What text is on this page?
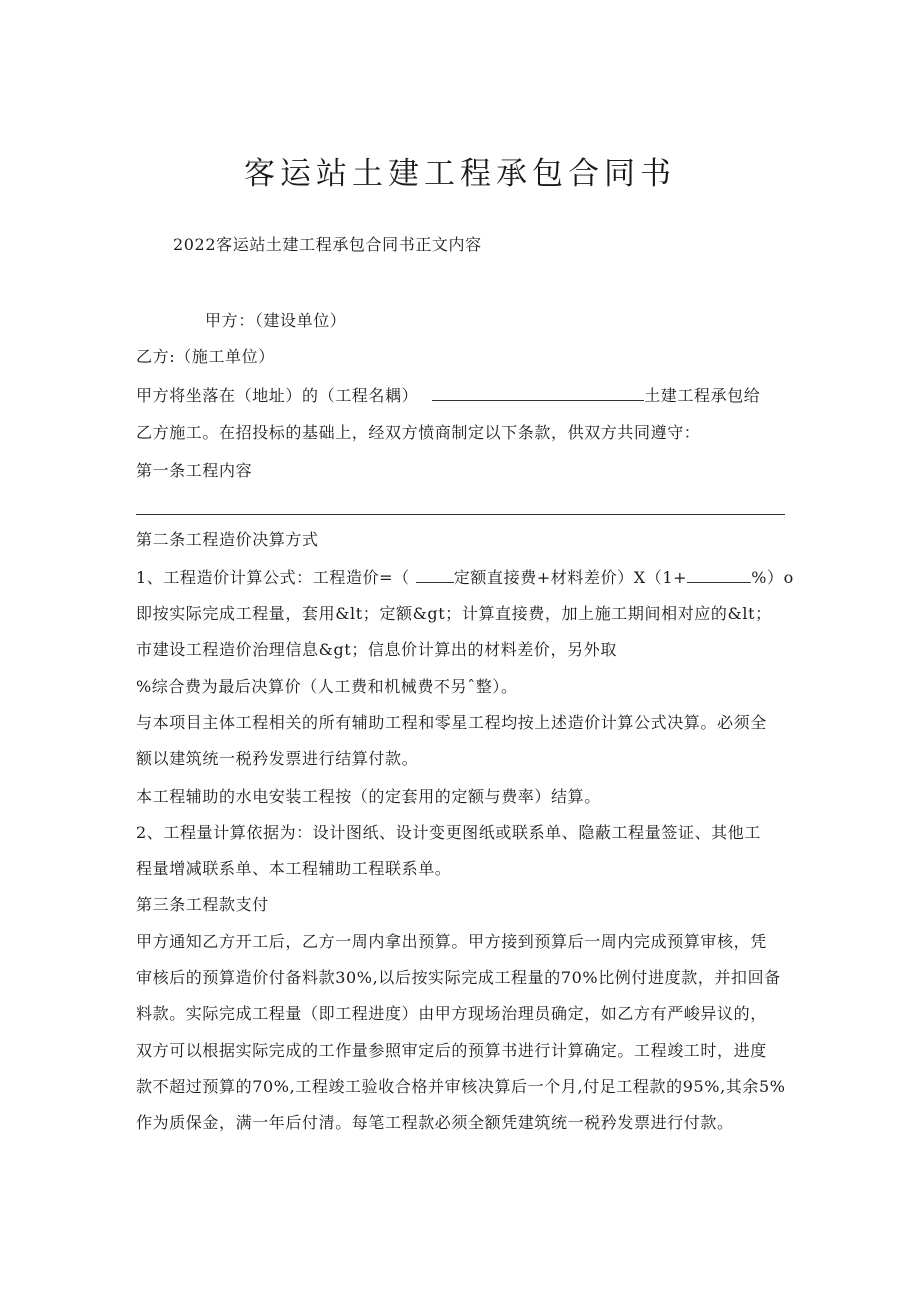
客运站土建工程承包合同书
2022客运站土建工程承包合同书正文内容
甲方：（建设单位）
乙方:（施工单位）
甲方将坐落在（地址）的（工程名耦）	土建工程承包给
乙方施工。在招投标的基础上，经双方愤商制定以下条款，供双方共同遵守：
第一条工程内容
第二条工程造价决算方式
1、工程造价计算公式：工程造价=（	定额直接费+材料差价）X（1+	%）o
即按实际完成工程量，套用&lt；定额&gt；计算直接费，加上施工期间相对应的&lt；
市建设工程造价治理信息&gt；信息价计算出的材料差价，另外取
%综合费为最后决算价（人工费和机械费不另ˆ整）。
与本项目主体工程相关的所有辅助工程和零星工程均按上述造价计算公式决算。必须全
额以建筑统一税矜发票进行结算付款。
本工程辅助的水电安装工程按（的定套用的定额与费率）结算。
2、工程量计算依据为：设计图纸、设计变更图纸或联系单、隐蔽工程量签证、其他工
程量增减联系单、本工程辅助工程联系单。
第三条工程款支付
甲方通知乙方开工后，乙方一周内拿出预算。甲方接到预算后一周内完成预算审核，凭
审核后的预算造价付备料款30%,以后按实际完成工程量的70%比例付进度款，并扣回备
料款。实际完成工程量（即工程进度）由甲方现场治理员确定，如乙方有严峻异议的，
双方可以根据实际完成的工作量参照审定后的预算书进行计算确定。工程竣工时，进度
款不超过预算的70%,工程竣工验收合格并审核决算后一个月,付足工程款的95%,其余5%
作为质保金，满一年后付清。每笔工程款必须全额凭建筑统一税矜发票进行付款。
